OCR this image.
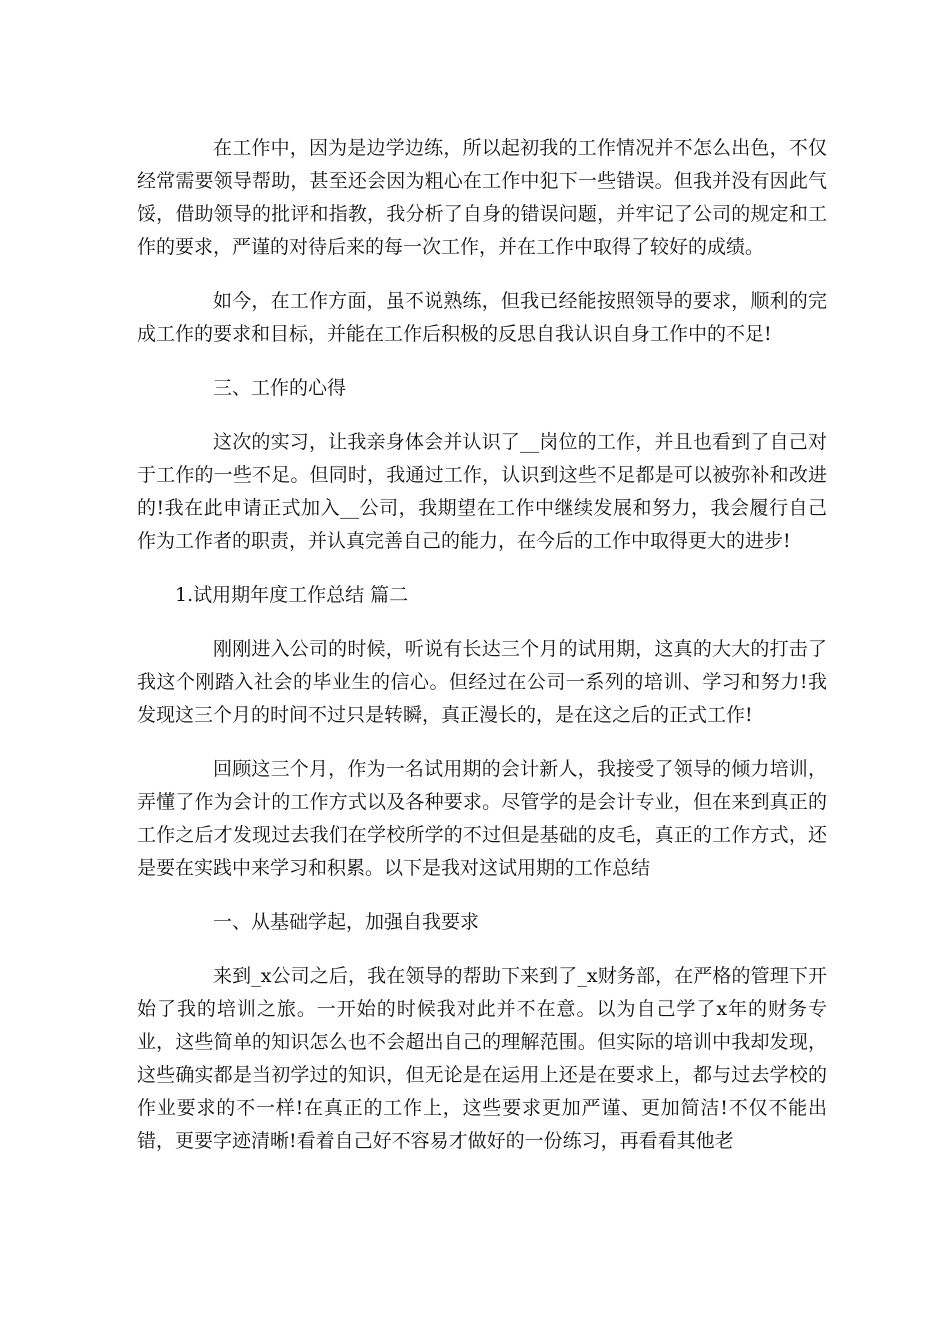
在工作中，因为是边学边练，所以起初我的工作情况并不怎么出色，不仅经常需要领导帮助，甚至还会因为粗心在工作中犯下一些错误。但我并没有因此气馁，借助领导的批评和指教，我分析了自身的错误问题，并牢记了公司的规定和工作的要求，严谨的对待后来的每一次工作，并在工作中取得了较好的成绩。

如今，在工作方面，虽不说熟练，但我已经能按照领导的要求，顺利的完成工作的要求和目标，并能在工作后积极的反思自我认识自身工作中的不足!

三、工作的心得

这次的实习，让我亲身体会并认识了__岗位的工作，并且也看到了自己对于工作的一些不足。但同时，我通过工作，认识到这些不足都是可以被弥补和改进的!我在此申请正式加入__公司，我期望在工作中继续发展和努力，我会履行自己作为工作者的职责，并认真完善自己的能力，在今后的工作中取得更大的进步!

1.试用期年度工作总结 篇二

刚刚进入公司的时候，听说有长达三个月的试用期，这真的大大的打击了我这个刚踏入社会的毕业生的信心。但经过在公司一系列的培训、学习和努力!我发现这三个月的时间不过只是转瞬，真正漫长的，是在这之后的正式工作!

回顾这三个月，作为一名试用期的会计新人，我接受了领导的倾力培训，弄懂了作为会计的工作方式以及各种要求。尽管学的是会计专业，但在来到真正的工作之后才发现过去我们在学校所学的不过但是基础的皮毛，真正的工作方式，还是要在实践中来学习和积累。以下是我对这试用期的工作总结

一、从基础学起，加强自我要求

来到_x公司之后，我在领导的帮助下来到了_x财务部，在严格的管理下开始了我的培训之旅。一开始的时候我对此并不在意。以为自己学了x年的财务专业，这些简单的知识怎么也不会超出自己的理解范围。但实际的培训中我却发现，这些确实都是当初学过的知识，但无论是在运用上还是在要求上，都与过去学校的作业要求的不一样!在真正的工作上，这些要求更加严谨、更加简洁!不仅不能出错，更要字迹清晰!看着自己好不容易才做好的一份练习，再看看其他老
